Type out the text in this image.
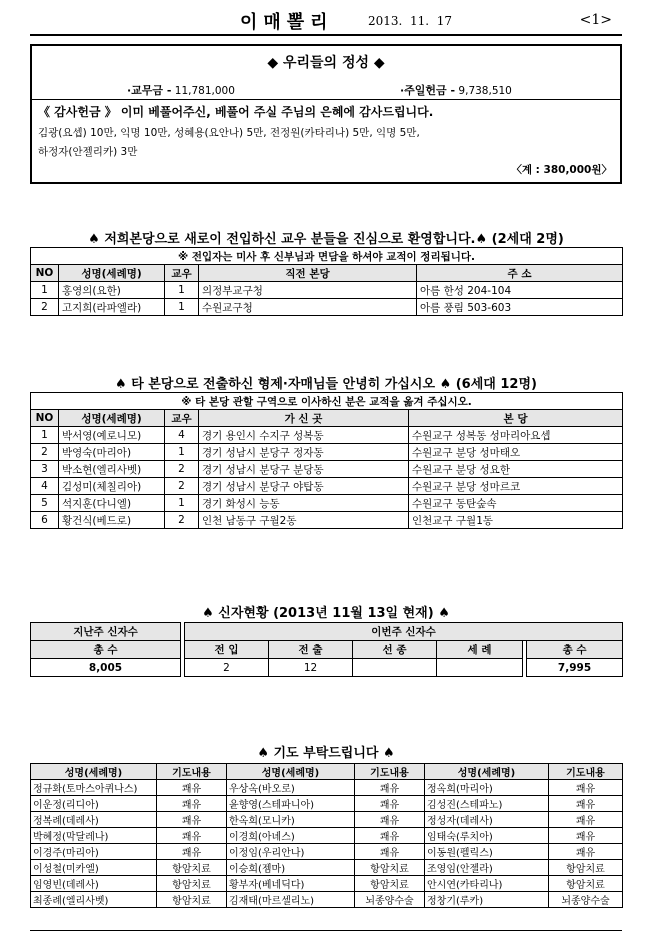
이매뽈리	2013.  11.  17	<1>
◆ 우리들의 정성 ◆
·교무금 - 11,781,000	·주일헌금 - 9,738,510
《 감사헌금 》 이미 베풀어주신, 베풀어 주실 주님의 은혜에 감사드립니다.
김광(요셉) 10만, 익명 10만, 성혜용(요안나) 5만, 전정원(카타리나) 5만, 익명 5만,
하정자(안젤리카) 3만
〈계 : 380,000원〉
♠ 저희본당으로 새로이 전입하신 교우 분들을 진심으로 환영합니다.♠ (2세대 2명)
※ 전입자는 미사 후 신부님과 면담을 하셔야 교적이 정리됩니다.				
NO	성명(세례명)	교우	직전 본당	주 소
1	홍영의(요한)	1	의정부교구청	아름 한성 204-104
2	고지희(라파엘라)	1	수원교구청	아름 풍림 503-603
♠ 타 본당으로 전출하신 형제·자매님들 안녕히 가십시오 ♠ (6세대 12명)
※ 타 본당 관할 구역으로 이사하신 분은 교적을 옮겨 주십시오.				
NO	성명(세례명)	교우	가 신 곳	본 당
1	박서영(예로니모)	4	경기 용인시 수지구 성복동	수원교구 성복동 성마리아요셉
2	박영숙(마리아)	1	경기 성남시 분당구 정자동	수원교구 분당 성마태오
3	박소현(엘리사벳)	2	경기 성남시 분당구 분당동	수원교구 분당 성요한
4	김성미(체칠리아)	2	경기 성남시 분당구 야탑동	수원교구 분당 성마르코
5	석지훈(다니엘)	1	경기 화성시 능동	수원교구 동탄숲속
6	황건식(베드로)	2	인천 남동구 구월2동	인천교구 구월1동
♠ 신자현황 (2013년 11월 13일 현재) ♠
지난주 신자수		이번주 신자수					
총 수		전 입	전 출	선 종	세 례		총 수
8,005		2	12				7,995
♠ 기도 부탁드립니다 ♠
성명(세례명)	기도내용	성명(세례명)	기도내용	성명(세례명)	기도내용
정규화(토마스아퀴나스)	쾌유	우상옥(바오로)	쾌유	정옥희(마리아)	쾌유
이운정(리디아)	쾌유	윤향영(스테파니아)	쾌유	김성진(스테파노)	쾌유
정복례(데레사)	쾌유	한옥희(모니카)	쾌유	정성자(데레사)	쾌유
박혜정(막달레나)	쾌유	이경희(아녜스)	쾌유	임태숙(루치아)	쾌유
이경주(마리아)	쾌유	이정임(우리안나)	쾌유	이동원(펠릭스)	쾌유
이성철(미카엘)	항암치료	이승희(젬마)	항암치료	조영임(안젤라)	항암치료
임영빈(데레사)	항암치료	황부자(베네딕다)	항암치료	안시연(카타리나)	항암치료
최종례(엘리사벳)	항암치료	김재태(마르셀리노)	뇌종양수술	정창기(루카)	뇌종양수술
